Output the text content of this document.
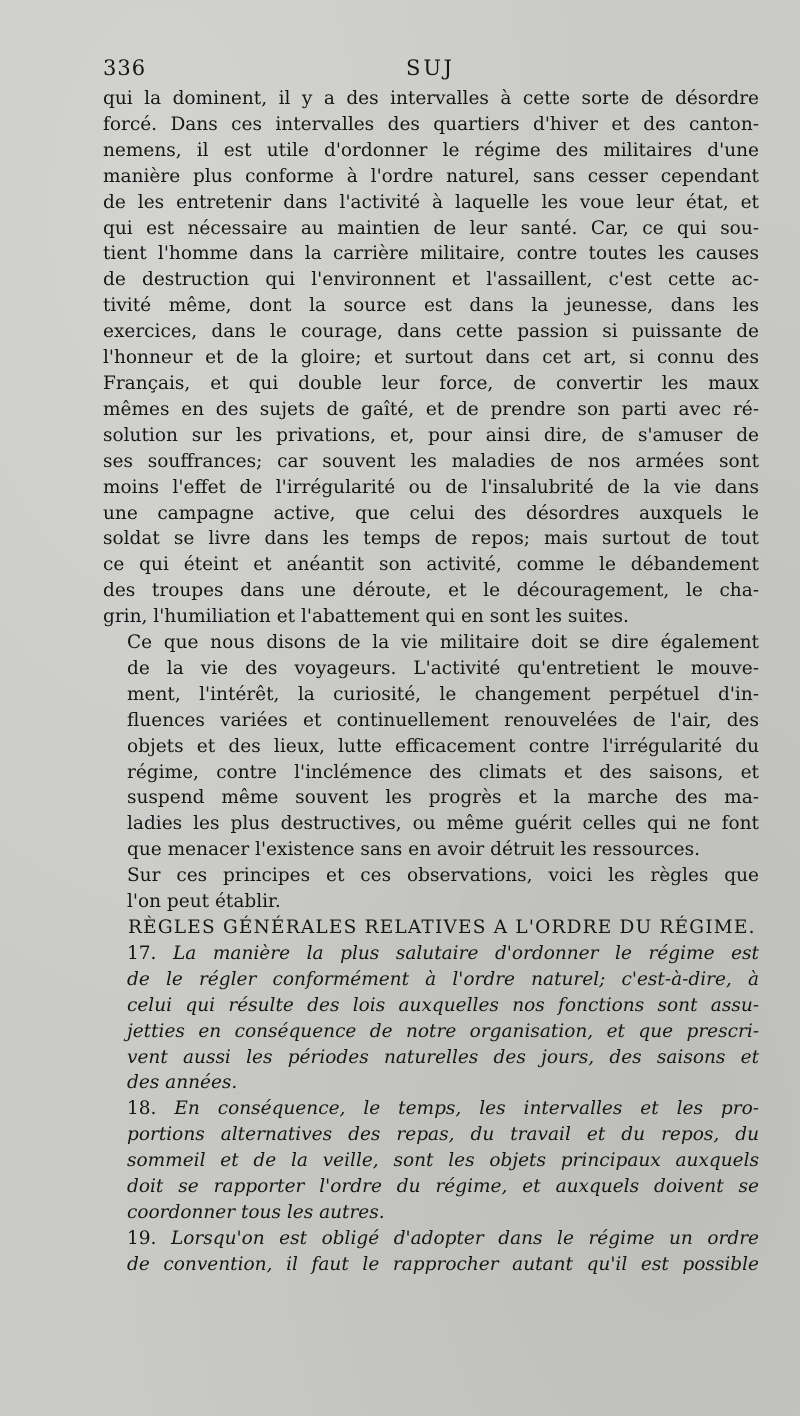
336	SUJ

qui la dominent, il y a des intervalles à cette sorte de désordre
forcé. Dans ces intervalles des quartiers d'hiver et des canton-
nemens, il est utile d'ordonner le régime des militaires d'une
manière plus conforme à l'ordre naturel, sans cesser cependant
de les entretenir dans l'activité à laquelle les voue leur état, et
qui est nécessaire au maintien de leur santé. Car, ce qui sou-
tient l'homme dans la carrière militaire, contre toutes les causes
de destruction qui l'environnent et l'assaillent, c'est cette ac-
tivité même, dont la source est dans la jeunesse, dans les
exercices, dans le courage, dans cette passion si puissante de
l'honneur et de la gloire; et surtout dans cet art, si connu des
Français, et qui double leur force, de convertir les maux
mêmes en des sujets de gaîté, et de prendre son parti avec ré-
solution sur les privations, et, pour ainsi dire, de s'amuser de
ses souffrances; car souvent les maladies de nos armées sont
moins l'effet de l'irrégularité ou de l'insalubrité de la vie dans
une campagne active, que celui des désordres auxquels le
soldat se livre dans les temps de repos; mais surtout de tout
ce qui éteint et anéantit son activité, comme le débandement
des troupes dans une déroute, et le découragement, le cha-
grin, l'humiliation et l'abattement qui en sont les suites.

Ce que nous disons de la vie militaire doit se dire également
de la vie des voyageurs. L'activité qu'entretient le mouve-
ment, l'intérêt, la curiosité, le changement perpétuel d'in-
fluences variées et continuellement renouvelées de l'air, des
objets et des lieux, lutte efficacement contre l'irrégularité du
régime, contre l'inclémence des climats et des saisons, et
suspend même souvent les progrès et la marche des ma-
ladies les plus destructives, ou même guérit celles qui ne font
que menacer l'existence sans en avoir détruit les ressources.

Sur ces principes et ces observations, voici les règles que
l'on peut établir.

RÈGLES GÉNÉRALES RELATIVES A L'ORDRE DU RÉGIME.

17. La manière la plus salutaire d'ordonner le régime est
de le régler conformément à l'ordre naturel; c'est-à-dire, à
celui qui résulte des lois auxquelles nos fonctions sont assu-
jetties en conséquence de notre organisation, et que prescri-
vent aussi les périodes naturelles des jours, des saisons et
des années.

18. En conséquence, le temps, les intervalles et les pro-
portions alternatives des repas, du travail et du repos, du
sommeil et de la veille, sont les objets principaux auxquels
doit se rapporter l'ordre du régime, et auxquels doivent se
coordonner tous les autres.

19. Lorsqu'on est obligé d'adopter dans le régime un ordre
de convention, il faut le rapprocher autant qu'il est possible
